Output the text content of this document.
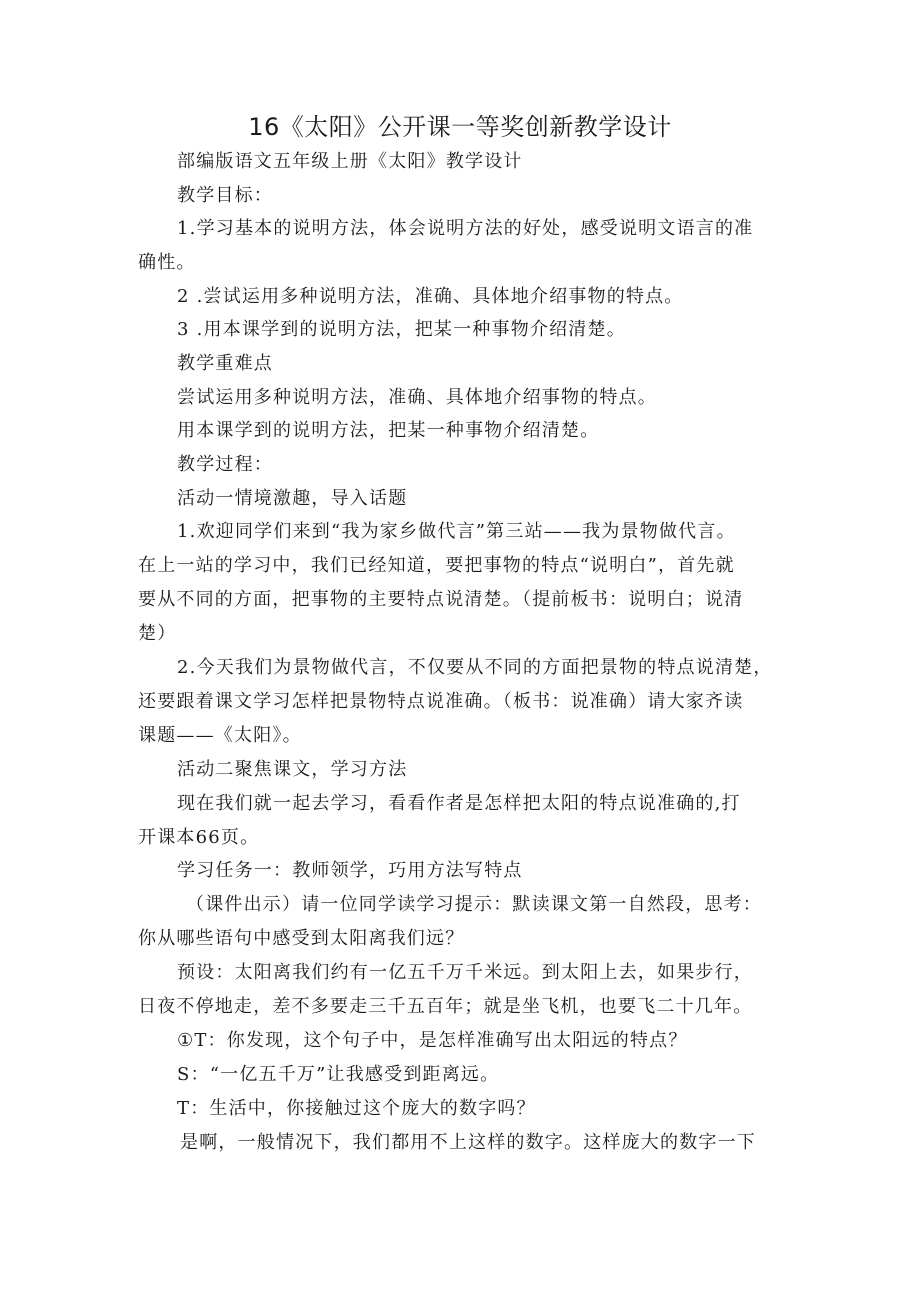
16《太阳》公开课一等奖创新教学设计
部编版语文五年级上册《太阳》教学设计
教学目标：
1.学习基本的说明方法，体会说明方法的好处，感受说明文语言的准
确性。
2 .尝试运用多种说明方法，准确、具体地介绍事物的特点。
3 .用本课学到的说明方法，把某一种事物介绍清楚。
教学重难点
尝试运用多种说明方法，准确、具体地介绍事物的特点。
用本课学到的说明方法，把某一种事物介绍清楚。
教学过程：
活动一情境激趣，导入话题
1.欢迎同学们来到“我为家乡做代言”第三站——我为景物做代言。
在上一站的学习中，我们已经知道，要把事物的特点“说明白”，首先就
要从不同的方面，把事物的主要特点说清楚。（提前板书：说明白；说清
楚）
2.今天我们为景物做代言，不仅要从不同的方面把景物的特点说清楚，
还要跟着课文学习怎样把景物特点说准确。（板书：说准确）请大家齐读
课题——《太阳》。
活动二聚焦课文，学习方法
现在我们就一起去学习，看看作者是怎样把太阳的特点说准确的,打
开课本66页。
学习任务一：教师领学，巧用方法写特点
（课件出示）请一位同学读学习提示：默读课文第一自然段，思考：
你从哪些语句中感受到太阳离我们远？
预设：太阳离我们约有一亿五千万千米远。到太阳上去，如果步行，
日夜不停地走，差不多要走三千五百年；就是坐飞机，也要飞二十几年。
①T：你发现，这个句子中，是怎样准确写出太阳远的特点？
S：“一亿五千万”让我感受到距离远。
T：生活中，你接触过这个庞大的数字吗？
是啊，一般情况下，我们都用不上这样的数字。这样庞大的数字一下
